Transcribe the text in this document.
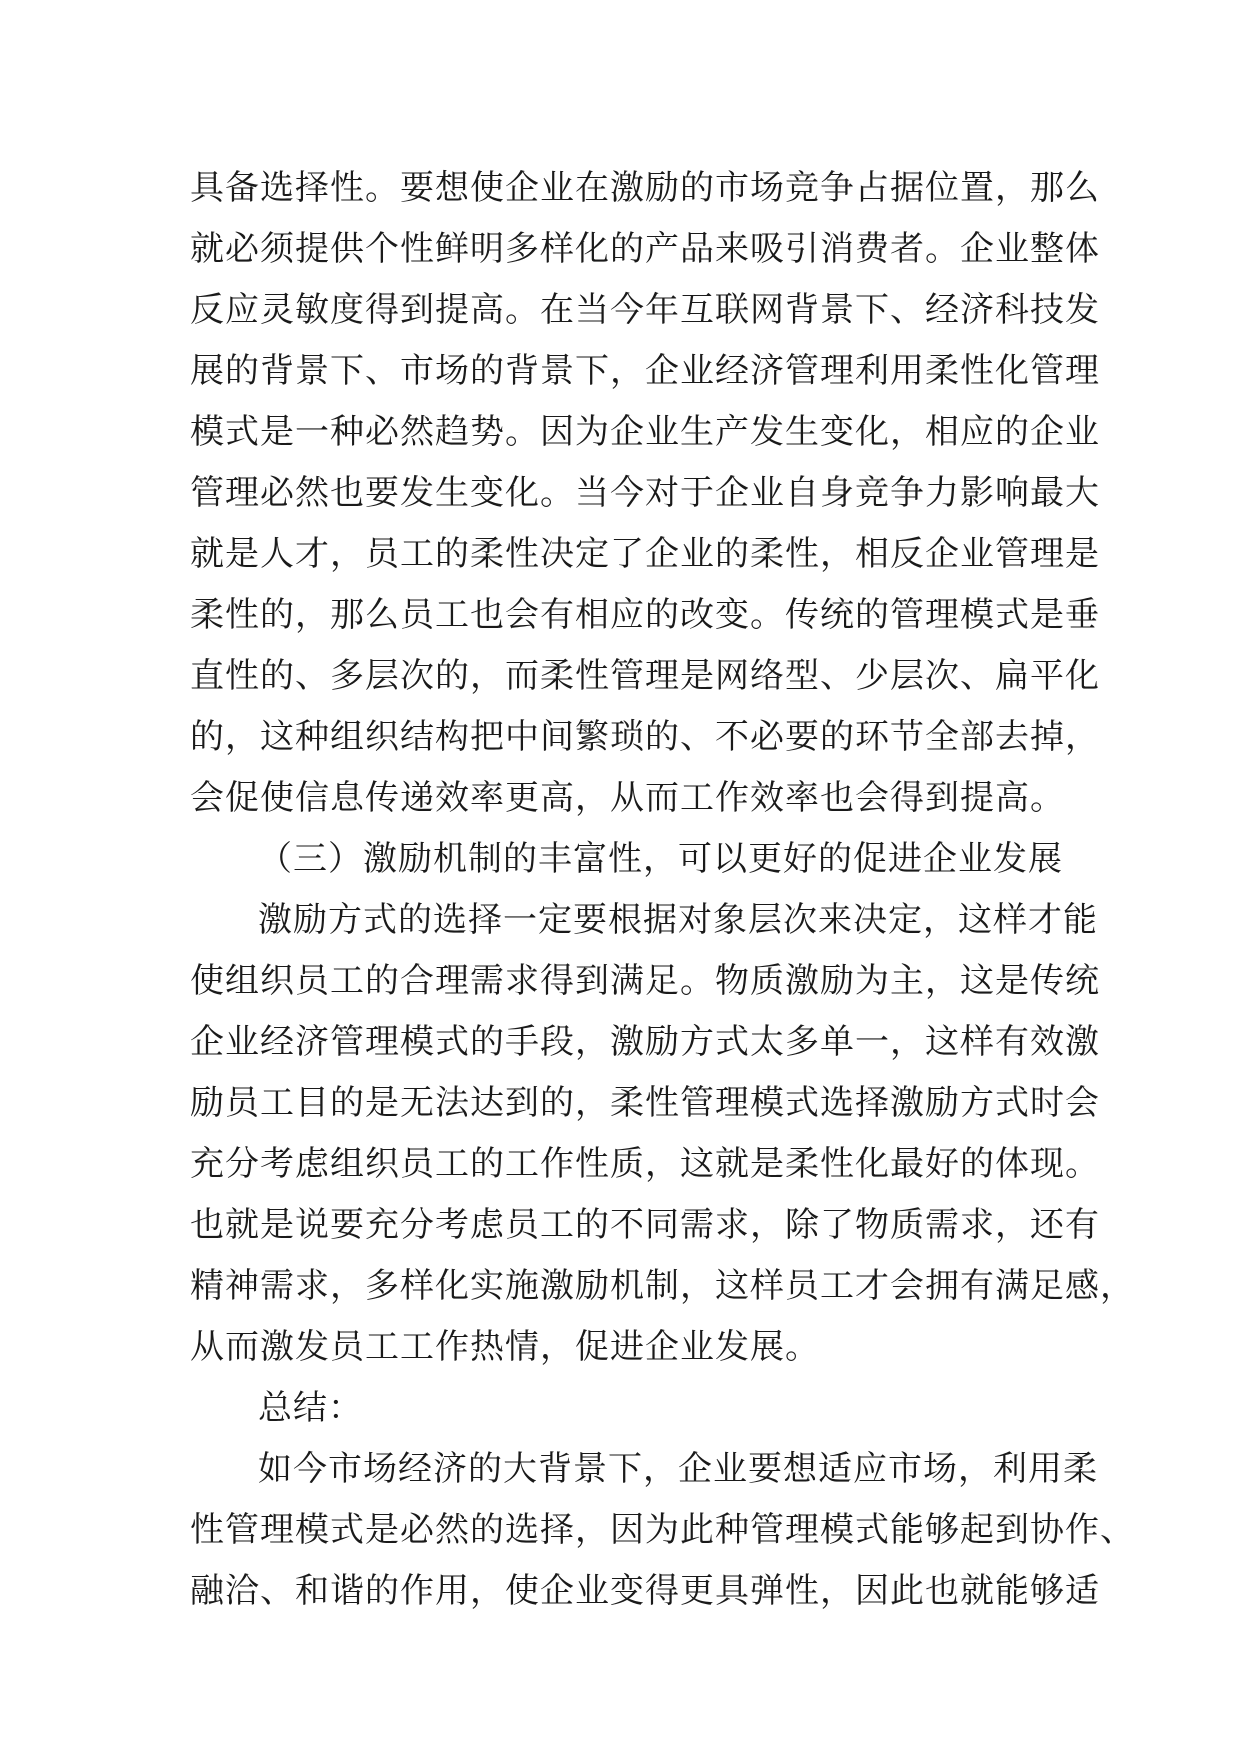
具备选择性。要想使企业在激励的市场竞争占据位置，那么
就必须提供个性鲜明多样化的产品来吸引消费者。企业整体
反应灵敏度得到提高。在当今年互联网背景下、经济科技发
展的背景下、市场的背景下，企业经济管理利用柔性化管理
模式是一种必然趋势。因为企业生产发生变化，相应的企业
管理必然也要发生变化。当今对于企业自身竞争力影响最大
就是人才，员工的柔性决定了企业的柔性，相反企业管理是
柔性的，那么员工也会有相应的改变。传统的管理模式是垂
直性的、多层次的，而柔性管理是网络型、少层次、扁平化
的，这种组织结构把中间繁琐的、不必要的环节全部去掉，
会促使信息传递效率更高，从而工作效率也会得到提高。
（三）激励机制的丰富性，可以更好的促进企业发展
激励方式的选择一定要根据对象层次来决定，这样才能
使组织员工的合理需求得到满足。物质激励为主，这是传统
企业经济管理模式的手段，激励方式太多单一，这样有效激
励员工目的是无法达到的，柔性管理模式选择激励方式时会
充分考虑组织员工的工作性质，这就是柔性化最好的体现。
也就是说要充分考虑员工的不同需求，除了物质需求，还有
精神需求，多样化实施激励机制，这样员工才会拥有满足感，
从而激发员工工作热情，促进企业发展。
总结：
如今市场经济的大背景下，企业要想适应市场，利用柔
性管理模式是必然的选择，因为此种管理模式能够起到协作、
融洽、和谐的作用，使企业变得更具弹性，因此也就能够适
